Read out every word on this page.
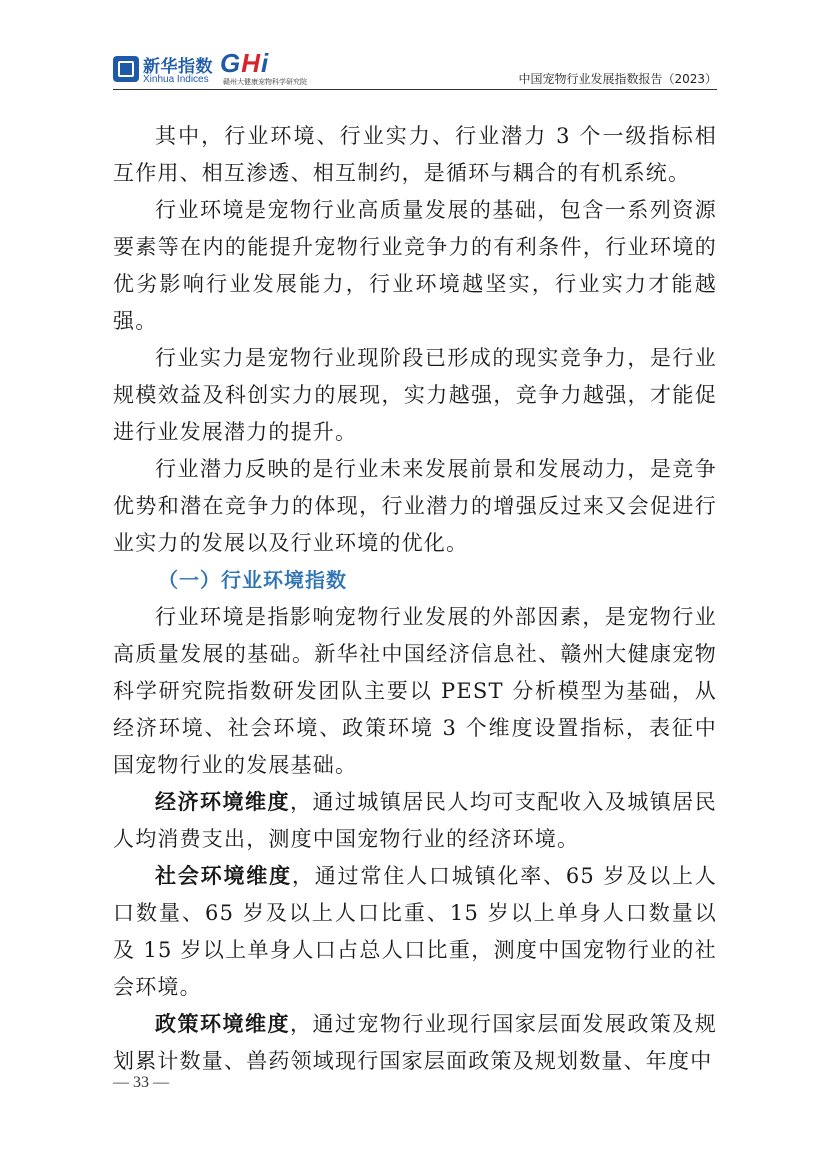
新华指数
Xinhua Indices
GHi
赣州大健康宠物科学研究院	中国宠物行业发展指数报告（2023）

其中，行业环境、行业实力、行业潜力 3 个一级指标相互作用、相互渗透、相互制约，是循环与耦合的有机系统。

行业环境是宠物行业高质量发展的基础，包含一系列资源要素等在内的能提升宠物行业竞争力的有利条件，行业环境的优劣影响行业发展能力，行业环境越坚实，行业实力才能越强。

行业实力是宠物行业现阶段已形成的现实竞争力，是行业规模效益及科创实力的展现，实力越强，竞争力越强，才能促进行业发展潜力的提升。

行业潜力反映的是行业未来发展前景和发展动力，是竞争优势和潜在竞争力的体现，行业潜力的增强反过来又会促进行业实力的发展以及行业环境的优化。

（一）行业环境指数

行业环境是指影响宠物行业发展的外部因素，是宠物行业高质量发展的基础。新华社中国经济信息社、赣州大健康宠物科学研究院指数研发团队主要以 PEST 分析模型为基础，从经济环境、社会环境、政策环境 3 个维度设置指标，表征中国宠物行业的发展基础。

经济环境维度，通过城镇居民人均可支配收入及城镇居民人均消费支出，测度中国宠物行业的经济环境。

社会环境维度，通过常住人口城镇化率、65 岁及以上人口数量、65 岁及以上人口比重、15 岁以上单身人口数量以及 15 岁以上单身人口占总人口比重，测度中国宠物行业的社会环境。

政策环境维度，通过宠物行业现行国家层面发展政策及规划累计数量、兽药领域现行国家层面政策及规划数量、年度中

— 33 —
